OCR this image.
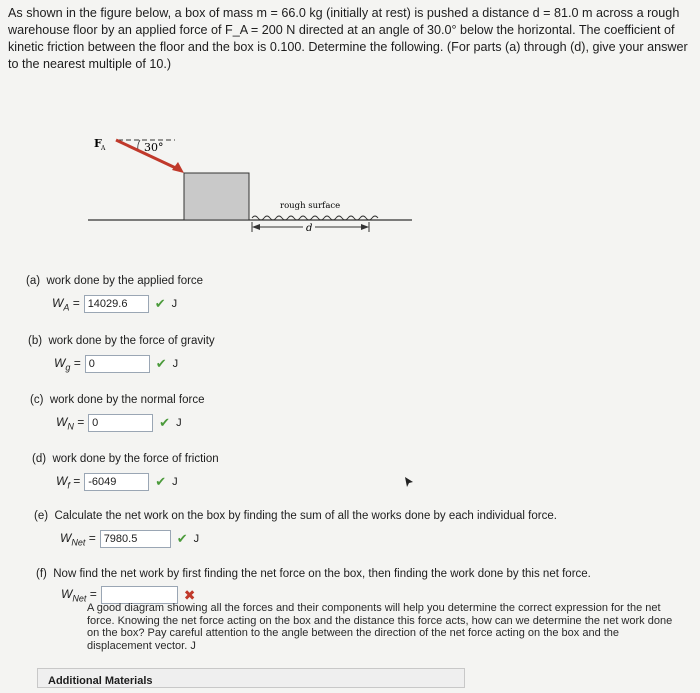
As shown in the figure below, a box of mass m = 66.0 kg (initially at rest) is pushed a distance d = 81.0 m across a rough warehouse floor by an applied force of F_A = 200 N directed at an angle of 30.0° below the horizontal. The coefficient of kinetic friction between the floor and the box is 0.100. Determine the following. (For parts (a) through (d), give your answer to the nearest multiple of 10.)
F A	30°
rough surface
d
(a) work done by the applied force
$W_A = 14029.6$	✔ J
(b) work done by the force of gravity
$W_g = 0$	✔ J
(c) work done by the normal force
$W_N = 0$	✔ J
(d) work done by the force of friction
$W_f = -6049$	✔ J
(e) Calculate the net work on the box by finding the sum of all the works done by each individual force.
$W_{Net} = 7980.5$	✔ J
(f) Now find the net work by first finding the net force on the box, then finding the work done by this net force.
$W_{Net}$ =	✖
A good diagram showing all the forces and their components will help you determine the correct expression for the net force. Knowing the net force acting on the box and the distance this force acts, how can we determine the net work done on the box? Pay careful attention to the angle between the direction of the net force acting on the box and the displacement vector. J
Additional Materials
